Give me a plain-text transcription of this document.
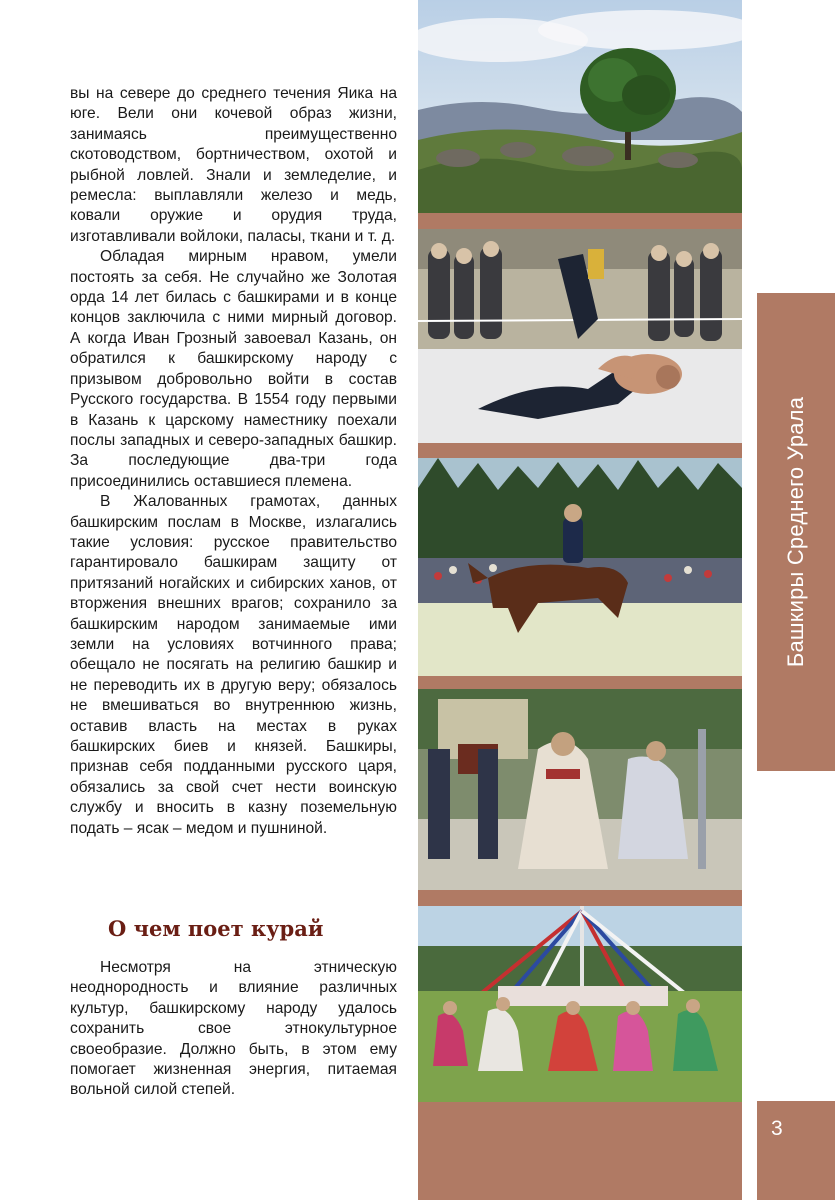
вы на севере до среднего течения Яика на юге. Вели они кочевой образ жизни, занимаясь преимущественно скотоводством, бортничеством, охотой и рыбной ловлей. Знали и земледелие, и ремесла: выплавляли железо и медь, ковали оружие и орудия труда, изготавливали войлоки, паласы, ткани и т. д.

Обладая мирным нравом, умели постоять за себя. Не случайно же Золотая орда 14 лет билась с башкирами и в конце концов заключила с ними мирный договор. А когда Иван Грозный завоевал Казань, он обратился к башкирскому народу с призывом добровольно войти в состав Русского государства. В 1554 году первыми в Казань к царскому наместнику поехали послы западных и северо-западных башкир. За последующие два-три года присоединились оставшиеся племена.

В Жалованных грамотах, данных башкирским послам в Москве, излагались такие условия: русское правительство гарантировало башкирам защиту от притязаний ногайских и сибирских ханов, от вторжения внешних врагов; сохранило за башкирским народом занимаемые ими земли на условиях вотчинного права; обещало не посягать на религию башкир и не переводить их в другую веру; обязалось не вмешиваться во внутреннюю жизнь, оставив власть на местах в руках башкирских биев и князей. Башкиры, признав себя подданными русского царя, обязались за свой счет нести воинскую службу и вносить в казну поземельную подать – ясак – медом и пушниной.

О чем поет курай

Несмотря на этническую неоднородность и влияние различных культур, башкирскому народу удалось сохранить свое этнокультурное своеобразие. Должно быть, в этом ему помогает жизненная энергия, питаемая вольной силой степей.

Башкиры Среднего Урала
3
